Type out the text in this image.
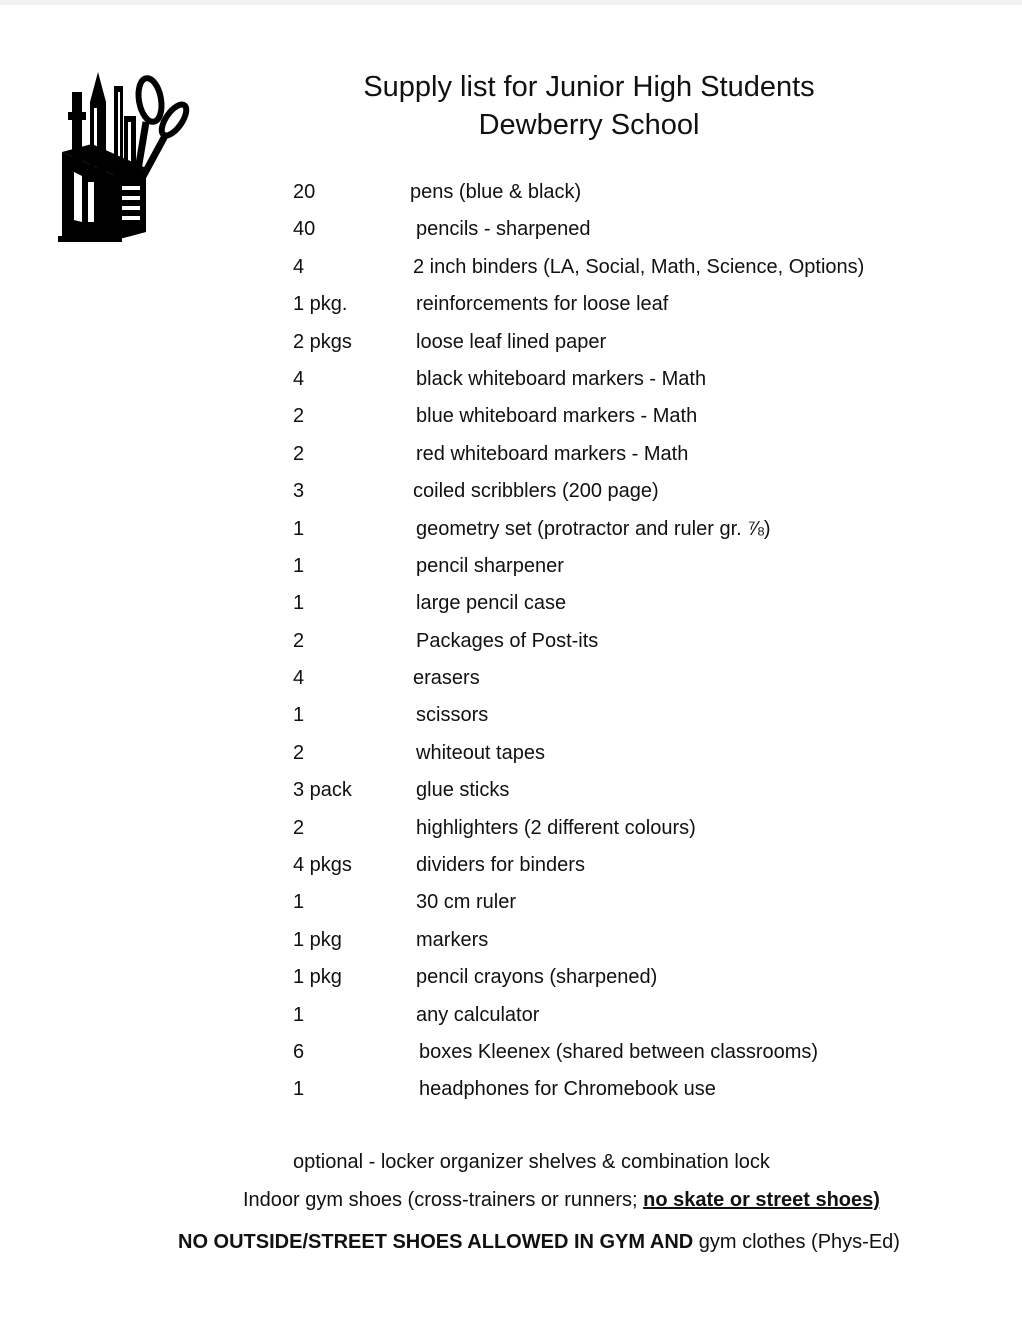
Supply list for Junior High Students
Dewberry School
20	pens (blue & black)
40	pencils - sharpened
4	2 inch binders (LA, Social, Math, Science, Options)
1 pkg.	reinforcements for loose leaf
2 pkgs	loose leaf lined paper
4	black whiteboard markers - Math
2	blue whiteboard markers - Math
2	red whiteboard markers - Math
3	coiled scribblers (200 page)
1	geometry set (protractor and ruler gr. ⅞)
1	pencil sharpener
1	large pencil case
2	Packages of Post-its
4	erasers
1	scissors
2	whiteout tapes
3 pack	glue sticks
2	highlighters (2 different colours)
4 pkgs	dividers for binders
1	30 cm ruler
1 pkg	markers
1 pkg	pencil crayons (sharpened)
1	any calculator
6	boxes Kleenex (shared between classrooms)
1	headphones for Chromebook use

optional - locker organizer shelves & combination lock

Indoor gym shoes (cross-trainers or runners; no skate or street shoes)

NO OUTSIDE/STREET SHOES ALLOWED IN GYM AND gym clothes (Phys-Ed)
